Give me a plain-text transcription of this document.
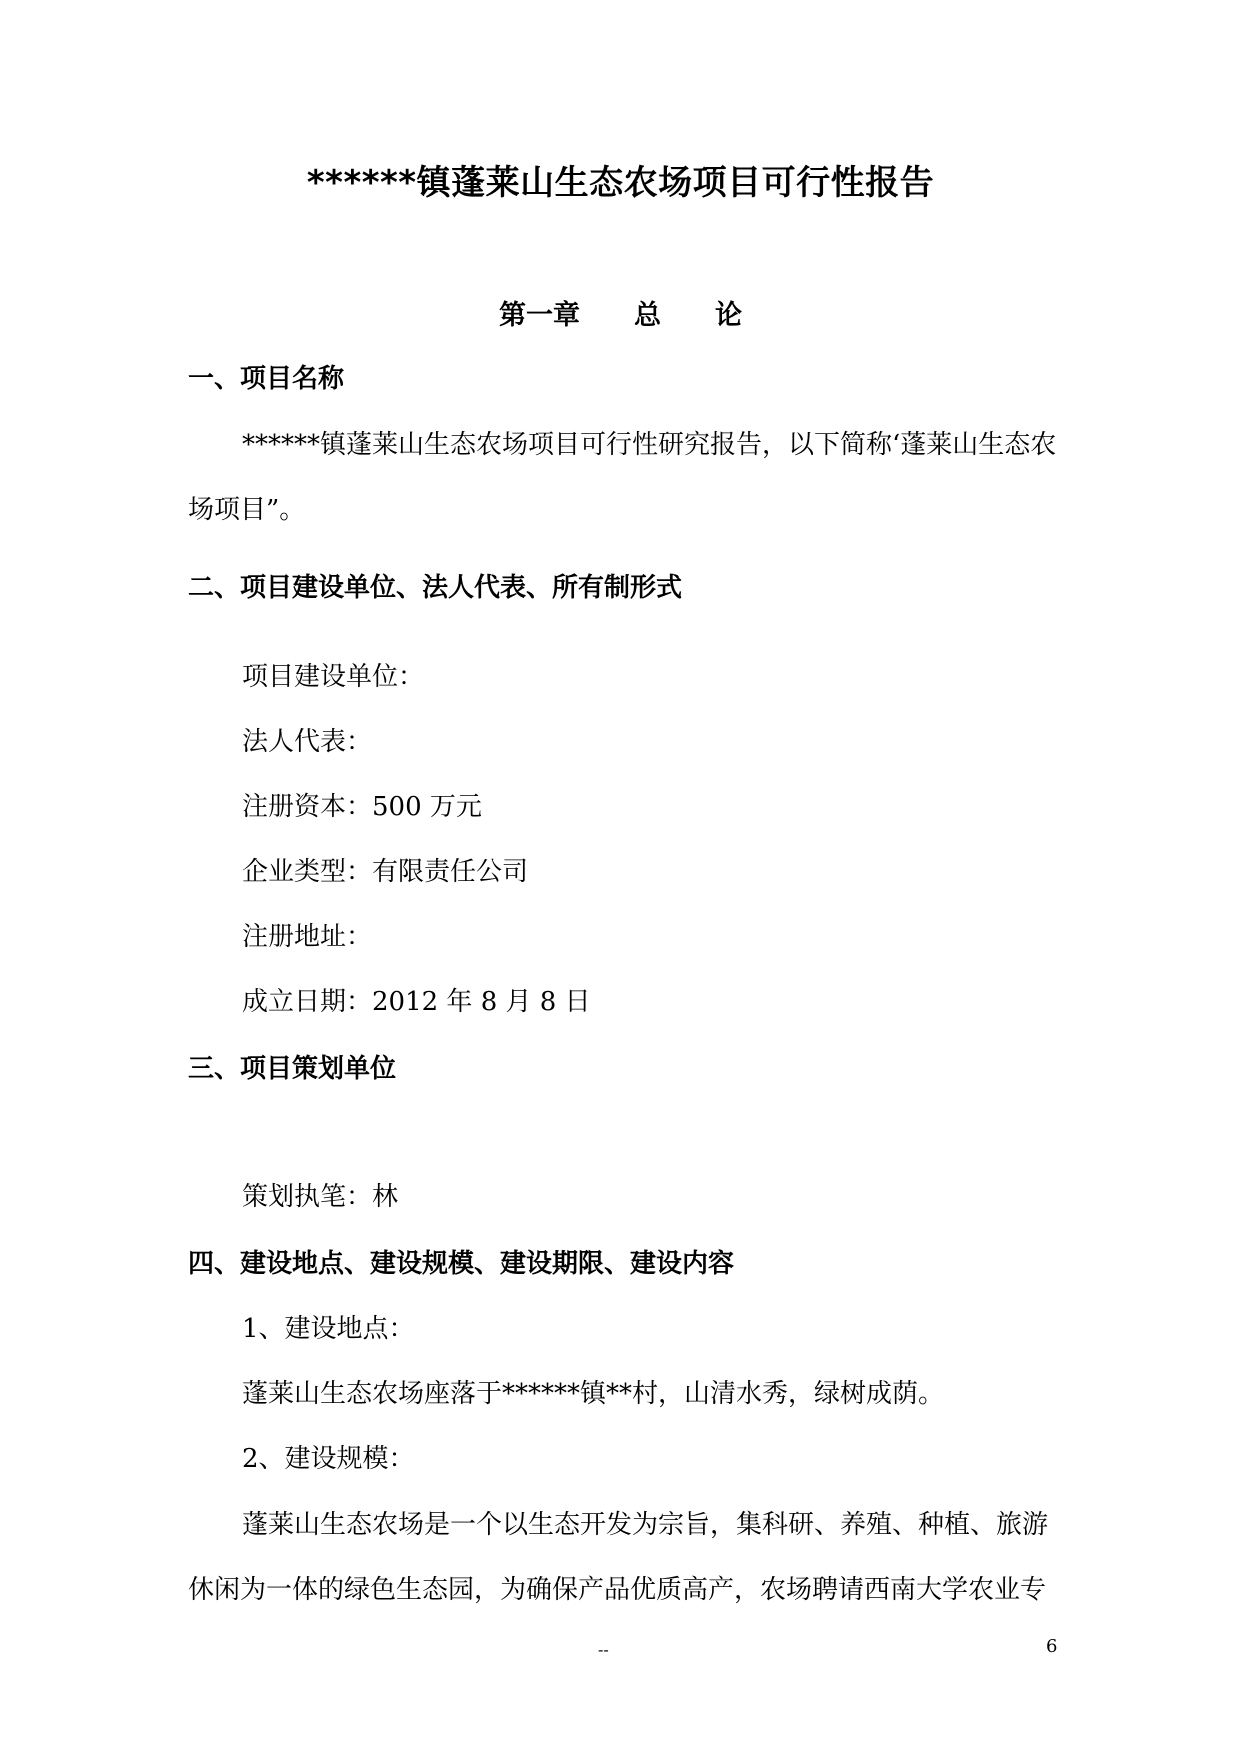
******镇蓬莱山生态农场项目可行性报告
第一章 总 论
一、项目名称
******镇蓬莱山生态农场项目可行性研究报告，以下简称‘蓬莱山生态农
场项目”。
二、项目建设单位、法人代表、所有制形式
项目建设单位：
法人代表：
注册资本：500 万元
企业类型：有限责任公司
注册地址：
成立日期：2012 年 8 月 8 日
三、项目策划单位
策划执笔：林
四、建设地点、建设规模、建设期限、建设内容
1、建设地点：
蓬莱山生态农场座落于******镇**村，山清水秀，绿树成荫。
2、建设规模：
蓬莱山生态农场是一个以生态开发为宗旨，集科研、养殖、种植、旅游
休闲为一体的绿色生态园，为确保产品优质高产，农场聘请西南大学农业专
--	6
